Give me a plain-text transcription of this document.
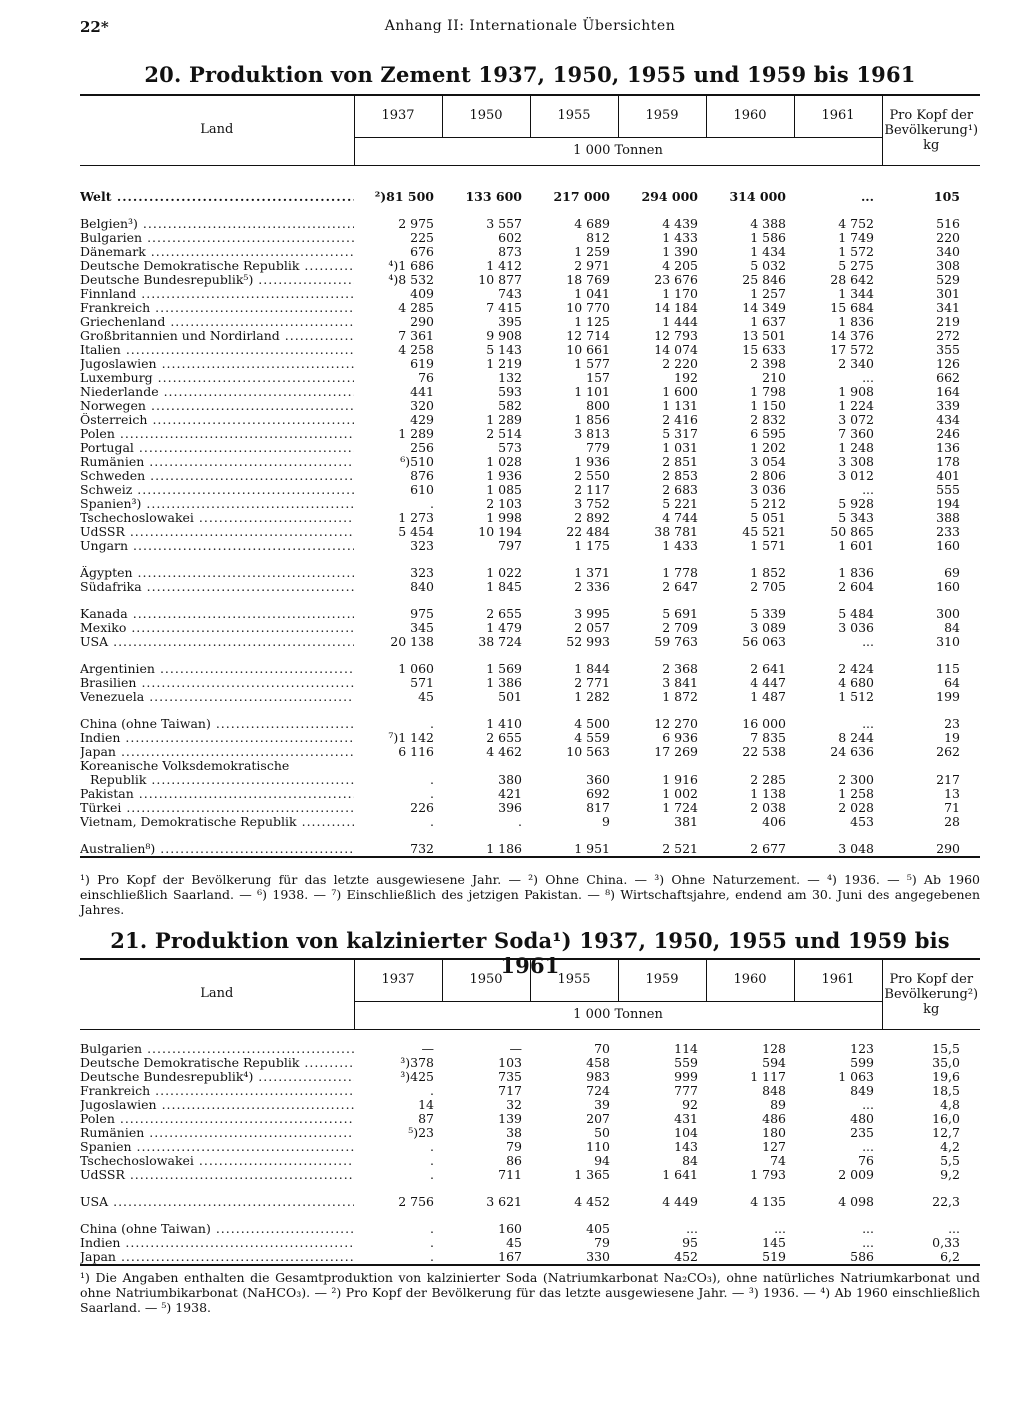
22*	Anhang II: Internationale Übersichten
20. Produktion von Zement 1937, 1950, 1955 und 1959 bis 1961
Land	1937	1950	1955	1959	1960	1961	Pro Kopf der Bevölkerung¹) kg
	1 000 Tonnen						

Welt .....	²)81 500	133 600	217 000	294 000	314 000	...	105

Belgien³) .....	2 975	3 557	4 689	4 439	4 388	4 752	516
Bulgarien .....	225	602	812	1 433	1 586	1 749	220
Dänemark .....	676	873	1 259	1 390	1 434	1 572	340
Deutsche Demokratische Republik .....	⁴)1 686	1 412	2 971	4 205	5 032	5 275	308
Deutsche Bundesrepublik⁵) .....	⁴)8 532	10 877	18 769	23 676	25 846	28 642	529
Finnland .....	409	743	1 041	1 170	1 257	1 344	301
Frankreich .....	4 285	7 415	10 770	14 184	14 349	15 684	341
Griechenland .....	290	395	1 125	1 444	1 637	1 836	219
Großbritannien und Nordirland .....	7 361	9 908	12 714	12 793	13 501	14 376	272
Italien .....	4 258	5 143	10 661	14 074	15 633	17 572	355
Jugoslawien .....	619	1 219	1 577	2 220	2 398	2 340	126
Luxemburg .....	76	132	157	192	210	...	662
Niederlande .....	441	593	1 101	1 600	1 798	1 908	164
Norwegen .....	320	582	800	1 131	1 150	1 224	339
Österreich .....	429	1 289	1 856	2 416	2 832	3 072	434
Polen .....	1 289	2 514	3 813	5 317	6 595	7 360	246
Portugal .....	256	573	779	1 031	1 202	1 248	136
Rumänien .....	⁶)510	1 028	1 936	2 851	3 054	3 308	178
Schweden .....	876	1 936	2 550	2 853	2 806	3 012	401
Schweiz .....	610	1 085	2 117	2 683	3 036	...	555
Spanien³) .....	.	2 103	3 752	5 221	5 212	5 928	194
Tschechoslowakei .....	1 273	1 998	2 892	4 744	5 051	5 343	388
UdSSR .....	5 454	10 194	22 484	38 781	45 521	50 865	233
Ungarn .....	323	797	1 175	1 433	1 571	1 601	160

Ägypten .....	323	1 022	1 371	1 778	1 852	1 836	69
Südafrika .....	840	1 845	2 336	2 647	2 705	2 604	160

Kanada .....	975	2 655	3 995	5 691	5 339	5 484	300
Mexiko .....	345	1 479	2 057	2 709	3 089	3 036	84
USA .....	20 138	38 724	52 993	59 763	56 063	...	310

Argentinien .....	1 060	1 569	1 844	2 368	2 641	2 424	115
Brasilien .....	571	1 386	2 771	3 841	4 447	4 680	64
Venezuela .....	45	501	1 282	1 872	1 487	1 512	199

China (ohne Taiwan) .....	.	1 410	4 500	12 270	16 000	...	23
Indien .....	⁷)1 142	2 655	4 559	6 936	7 835	8 244	19
Japan .....	6 116	4 462	10 563	17 269	22 538	24 636	262
Koreanische Volksdemokratische							
Republik .....	.	380	360	1 916	2 285	2 300	217
Pakistan .....	.	421	692	1 002	1 138	1 258	13
Türkei .....	226	396	817	1 724	2 038	2 028	71
Vietnam, Demokratische Republik .....	.	.	9	381	406	453	28

Australien⁸) .....	732	1 186	1 951	2 521	2 677	3 048	290
¹) Pro Kopf der Bevölkerung für das letzte ausgewiesene Jahr. — ²) Ohne China. — ³) Ohne Naturzement. — ⁴) 1936. — ⁵) Ab 1960 einschließlich Saarland. — ⁶) 1938. — ⁷) Einschließlich des jetzigen Pakistan. — ⁸) Wirtschaftsjahre, endend am 30. Juni des angegebenen Jahres.
21. Produktion von kalzinierter Soda¹) 1937, 1950, 1955 und 1959 bis 1961
Land	1937	1950	1955	1959	1960	1961	Pro Kopf der Bevölkerung²) kg
	1 000 Tonnen						

Bulgarien .....	—	—	70	114	128	123	15,5
Deutsche Demokratische Republik .....	³)378	103	458	559	594	599	35,0
Deutsche Bundesrepublik⁴) .....	³)425	735	983	999	1 117	1 063	19,6
Frankreich .....	.	717	724	777	848	849	18,5
Jugoslawien .....	14	32	39	92	89	...	4,8
Polen .....	87	139	207	431	486	480	16,0
Rumänien .....	⁵)23	38	50	104	180	235	12,7
Spanien .....	.	79	110	143	127	...	4,2
Tschechoslowakei .....	.	86	94	84	74	76	5,5
UdSSR .....	.	711	1 365	1 641	1 793	2 009	9,2

USA .....	2 756	3 621	4 452	4 449	4 135	4 098	22,3

China (ohne Taiwan) .....	.	160	405	...	...	...	...
Indien .....	.	45	79	95	145	...	0,33
Japan .....	.	167	330	452	519	586	6,2
¹) Die Angaben enthalten die Gesamtproduktion von kalzinierter Soda (Natriumkarbonat Na₂CO₃), ohne natürliches Natriumkarbonat und ohne Natriumbikarbonat (NaHCO₃). — ²) Pro Kopf der Bevölkerung für das letzte ausgewiesene Jahr. — ³) 1936. — ⁴) Ab 1960 einschließlich Saarland. — ⁵) 1938.
